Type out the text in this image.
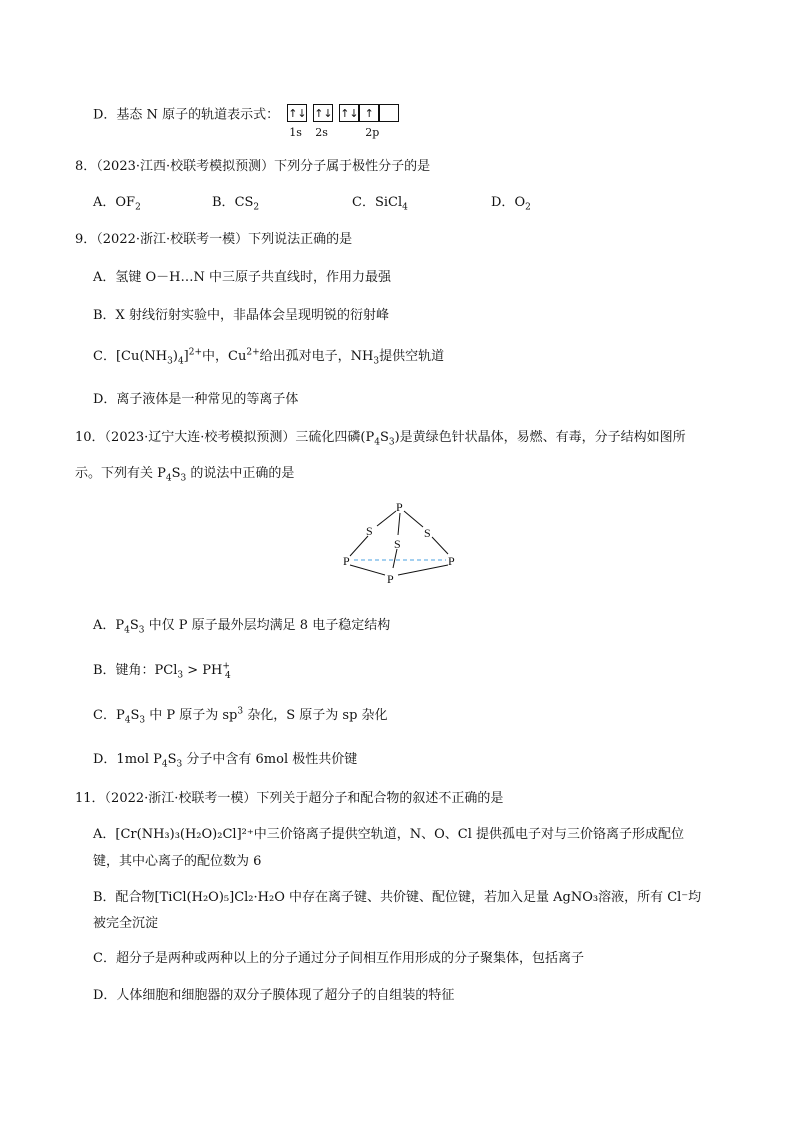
D．基态 N 原子的轨道表示式： ↑↓ ↑↓ ↑↓ ↑
1s 2s	2p
8．（2023·江西·校联考模拟预测）下列分子属于极性分子的是
A．$OF_2$	B．$CS_2$	C．SiCl$_4$	D．$O_2$
9．（2022·浙江·校联考一模）下列说法正确的是
A．氢键 O－H…N 中三原子共直线时，作用力最强
B．X 射线衍射实验中，非晶体会呈现明锐的衍射峰
C．$[Cu(NH_3)_4]^{2+}$中，$Cu^{2+}$给出孤对电子，$NH_3$提供空轨道
D．离子液体是一种常见的等离子体
10．（2023·辽宁大连·校考模拟预测）三硫化四磷$(P_4S_3)$是黄绿色针状晶体，易燃、有毒，分子结构如图所
示。下列有关 $P_4S_3$ 的说法中正确的是
P
S
S
S
P	P
P
A．$P_4S_3$ 中仅 P 原子最外层均满足 8 电子稳定结构
B．键角：$PCl_3 > PH^+_4$
C．$P_4S_3$ 中 P 原子为 $sp^3$ 杂化，S 原子为 sp 杂化
D．1mol $P_4S_3$ 分子中含有 6mol 极性共价键
11．（2022·浙江·校联考一模）下列关于超分子和配合物的叙述不正确的是
A．[Cr(NH₃)₃(H₂O)₂Cl]²⁺中三价铬离子提供空轨道，N、O、Cl 提供孤电子对与三价铬离子形成配位
键，其中心离子的配位数为 6
B．配合物[TiCl(H₂O)₅]Cl₂·H₂O 中存在离子键、共价键、配位键，若加入足量 AgNO₃溶液，所有 Cl⁻均
被完全沉淀
C．超分子是两种或两种以上的分子通过分子间相互作用形成的分子聚集体，包括离子
D．人体细胞和细胞器的双分子膜体现了超分子的自组装的特征
